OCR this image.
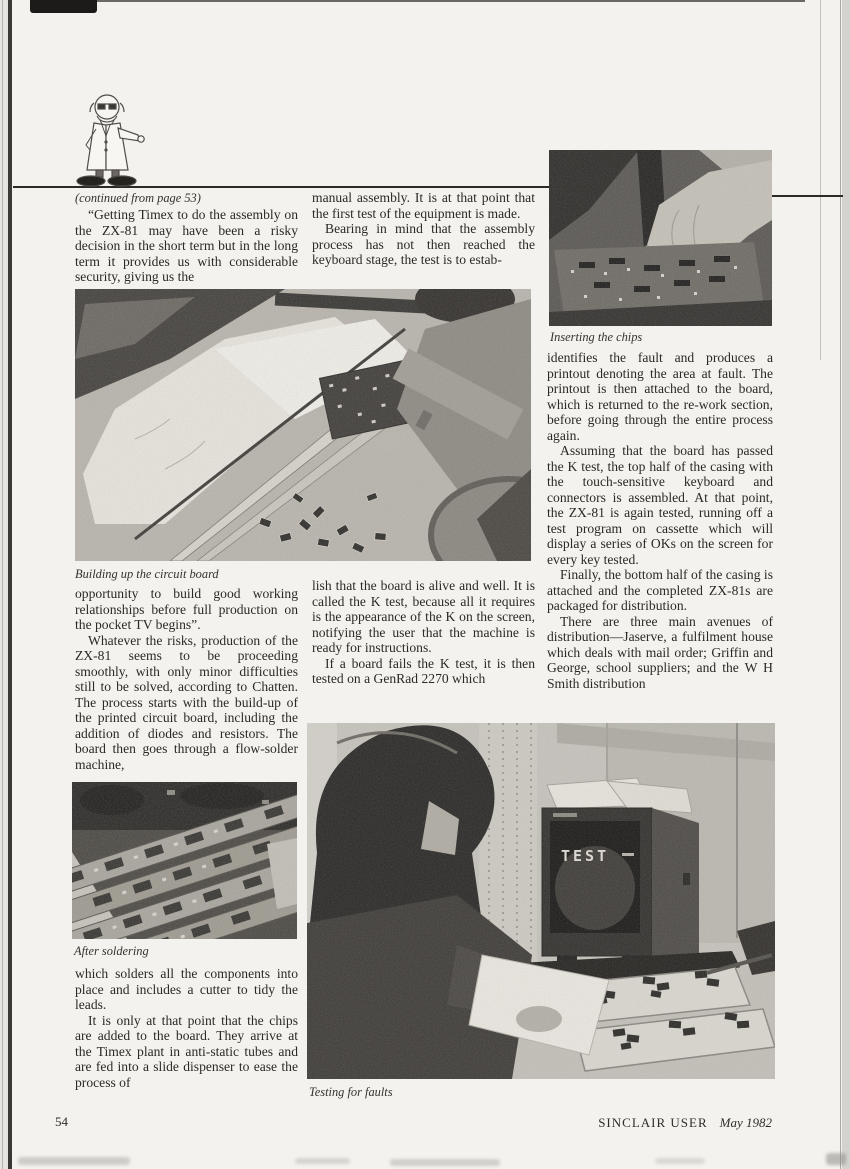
(continued from page 53)

“Getting Timex to do the assembly on the ZX-81 may have been a risky decision in the short term but in the long term it provides us with considerable security, giving us the

Building up the circuit board

opportunity to build good working relationships before full production on the pocket TV begins”.

Whatever the risks, production of the ZX-81 seems to be proceeding smoothly, with only minor difficulties still to be solved, according to Chatten. The process starts with the build-up of the printed circuit board, including the addition of diodes and resistors. The board then goes through a flow-solder machine,

After soldering

which solders all the components into place and includes a cutter to tidy the leads.

It is only at that point that the chips are added to the board. They arrive at the Timex plant in anti-static tubes and are fed into a slide dispenser to ease the process of

manual assembly. It is at that point that the first test of the equipment is made.

Bearing in mind that the assembly process has not then reached the keyboard stage, the test is to estab-

lish that the board is alive and well. It is called the K test, because all it requires is the appearance of the K on the screen, notifying the user that the machine is ready for instructions.

If a board fails the K test, it is then tested on a GenRad 2270 which

Inserting the chips

identifies the fault and produces a printout denoting the area at fault. The printout is then attached to the board, which is returned to the re-work section, before going through the entire process again.

Assuming that the board has passed the K test, the top half of the casing with the touch-sensitive keyboard and connectors is assembled. At that point, the ZX-81 is again tested, running off a test program on cassette which will display a series of OKs on the screen for every key tested.

Finally, the bottom half of the casing is attached and the completed ZX-81s are packaged for distribution.

There are three main avenues of distribution—Jaserve, a fulfilment house which deals with mail order; Griffin and George, school suppliers; and the W H Smith distribution

TEST
Testing for faults
54	SINCLAIR USER May 1982
